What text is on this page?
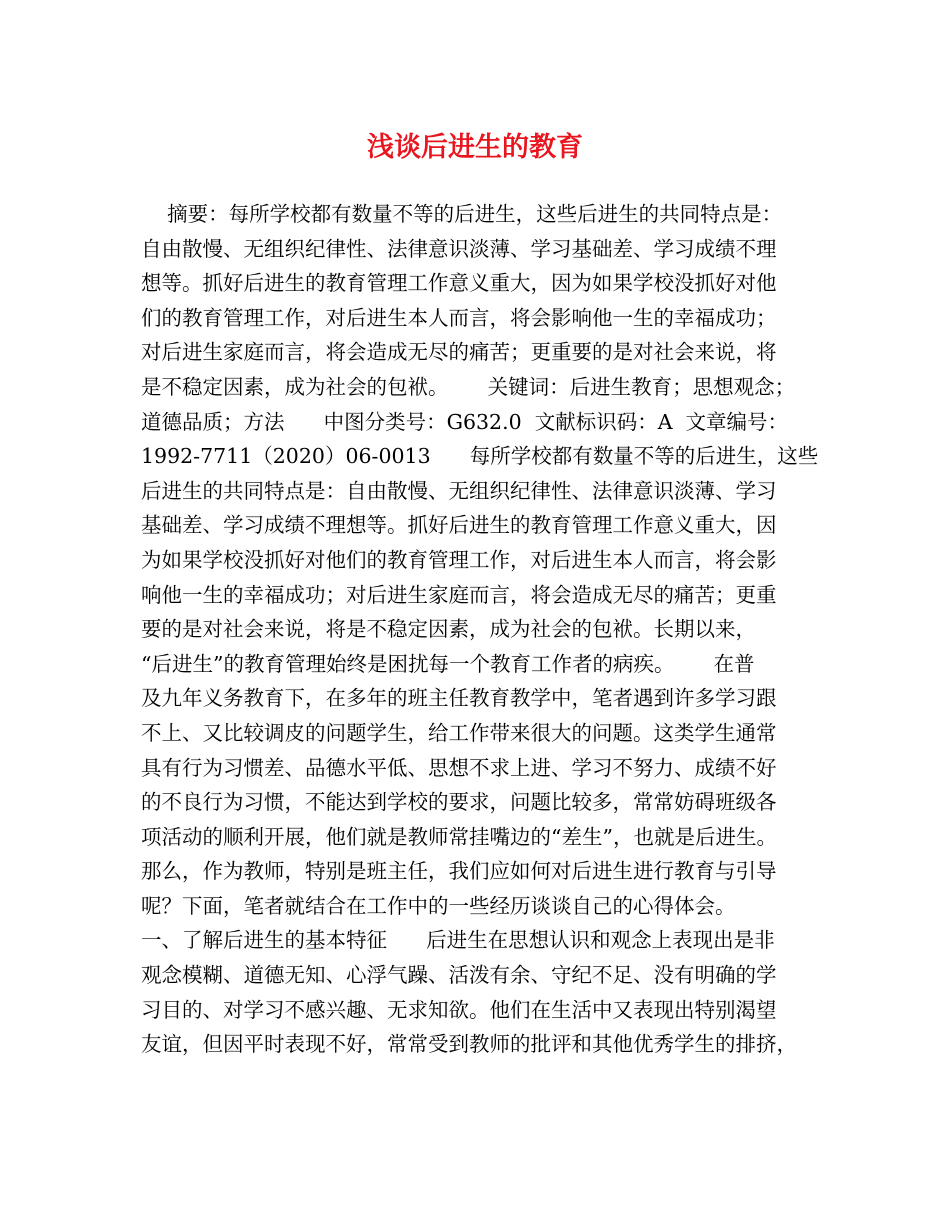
浅谈后进生的教育
摘要：每所学校都有数量不等的后进生，这些后进生的共同特点是：
自由散慢、无组织纪律性、法律意识淡薄、学习基础差、学习成绩不理
想等。抓好后进生的教育管理工作意义重大，因为如果学校没抓好对他
们的教育管理工作，对后进生本人而言，将会影响他一生的幸福成功；
对后进生家庭而言，将会造成无尽的痛苦；更重要的是对社会来说，将
是不稳定因素，成为社会的包袱。      关键词：后进生教育；思想观念；
道德品质；方法      中图分类号：G632.0  文献标识码：A  文章编号：
1992-7711（2020）06-0013      每所学校都有数量不等的后进生，这些
后进生的共同特点是：自由散慢、无组织纪律性、法律意识淡薄、学习
基础差、学习成绩不理想等。抓好后进生的教育管理工作意义重大，因
为如果学校没抓好对他们的教育管理工作，对后进生本人而言，将会影
响他一生的幸福成功；对后进生家庭而言，将会造成无尽的痛苦；更重
要的是对社会来说，将是不稳定因素，成为社会的包袱。长期以来，
“后进生”的教育管理始终是困扰每一个教育工作者的病疾。      在普
及九年义务教育下，在多年的班主任教育教学中，笔者遇到许多学习跟
不上、又比较调皮的问题学生，给工作带来很大的问题。这类学生通常
具有行为习惯差、品德水平低、思想不求上进、学习不努力、成绩不好
的不良行为习惯，不能达到学校的要求，问题比较多，常常妨碍班级各
项活动的顺利开展，他们就是教师常挂嘴边的“差生”，也就是后进生。
那么，作为教师，特别是班主任，我们应如何对后进生进行教育与引导
呢？下面，笔者就结合在工作中的一些经历谈谈自己的心得体会。
一、了解后进生的基本特征      后进生在思想认识和观念上表现出是非
观念模糊、道德无知、心浮气躁、活泼有余、守纪不足、没有明确的学
习目的、对学习不感兴趣、无求知欲。他们在生活中又表现出特别渴望
友谊，但因平时表现不好，常常受到教师的批评和其他优秀学生的排挤，
